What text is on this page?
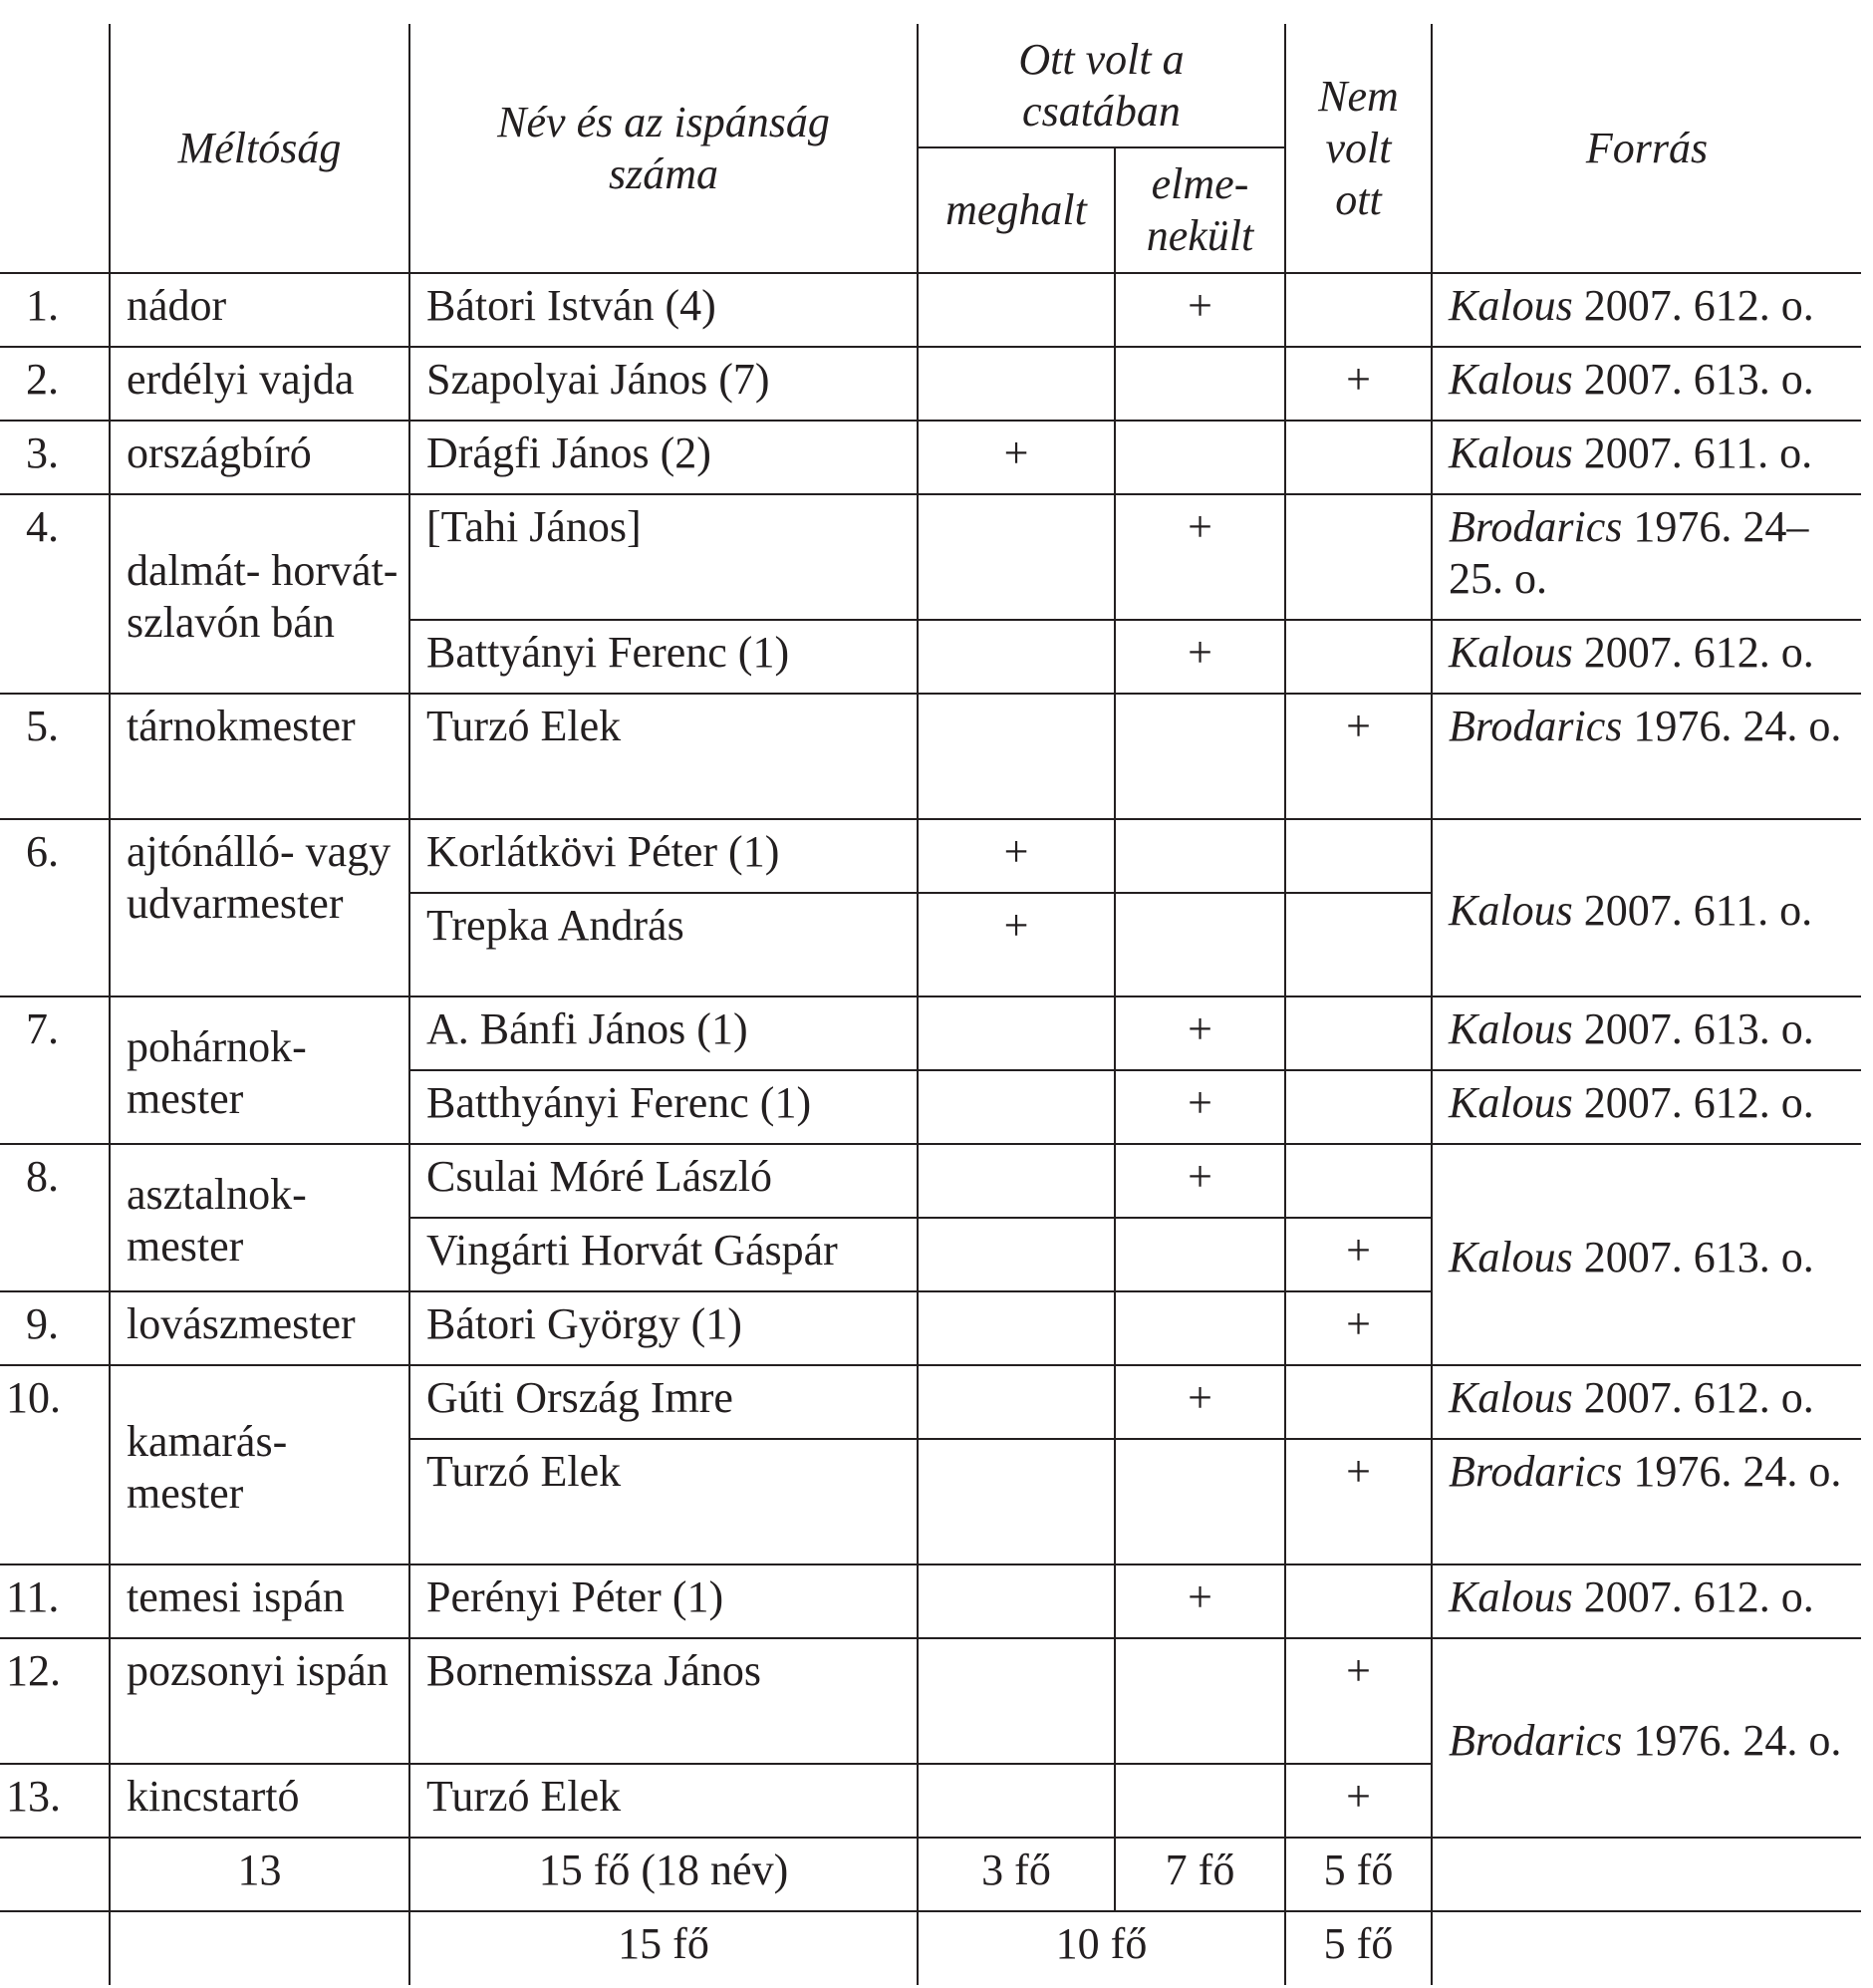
	Méltóság	Név és az ispánság száma	Ott volt a csatában		Nem volt ott	Forrás
			meghalt	elme- nekült		
1.	nádor	Bátori István (4)		+		Kalous 2007. 612. o.
2.	erdélyi vajda	Szapolyai János (7)			+	Kalous 2007. 613. o.
3.	országbíró	Drágfi János (2)	+			Kalous 2007. 611. o.
4.	dalmát- horvát- szlavón bán	[Tahi János]		+		Brodarics 1976. 24–25. o.
		Battyányi Ferenc (1)		+		Kalous 2007. 612. o.
5.	tárnokmester	Turzó Elek			+	Brodarics 1976. 24. o.
6.	ajtónálló- vagy udvarmester	Korlátkövi Péter (1)	+			Kalous 2007. 611. o.
		Trepka András	+			
7.	pohárnok- mester	A. Bánfi János (1)		+		Kalous 2007. 613. o.
		Batthyányi Ferenc (1)		+		Kalous 2007. 612. o.
8.	asztalnok- mester	Csulai Móré László		+		Kalous 2007. 613. o.
		Vingárti Horvát Gáspár			+	
9.	lovászmester	Bátori György (1)			+	
10.	kamarás- mester	Gúti Ország Imre		+		Kalous 2007. 612. o.
		Turzó Elek			+	Brodarics 1976. 24. o.
11.	temesi ispán	Perényi Péter (1)		+		Kalous 2007. 612. o.
12.	pozsonyi ispán	Bornemissza János			+	Brodarics 1976. 24. o.
13.	kincstartó	Turzó Elek			+	
	13	15 fő (18 név)	3 fő	7 fő	5 fő	
		15 fő	10 fő		5 fő	
